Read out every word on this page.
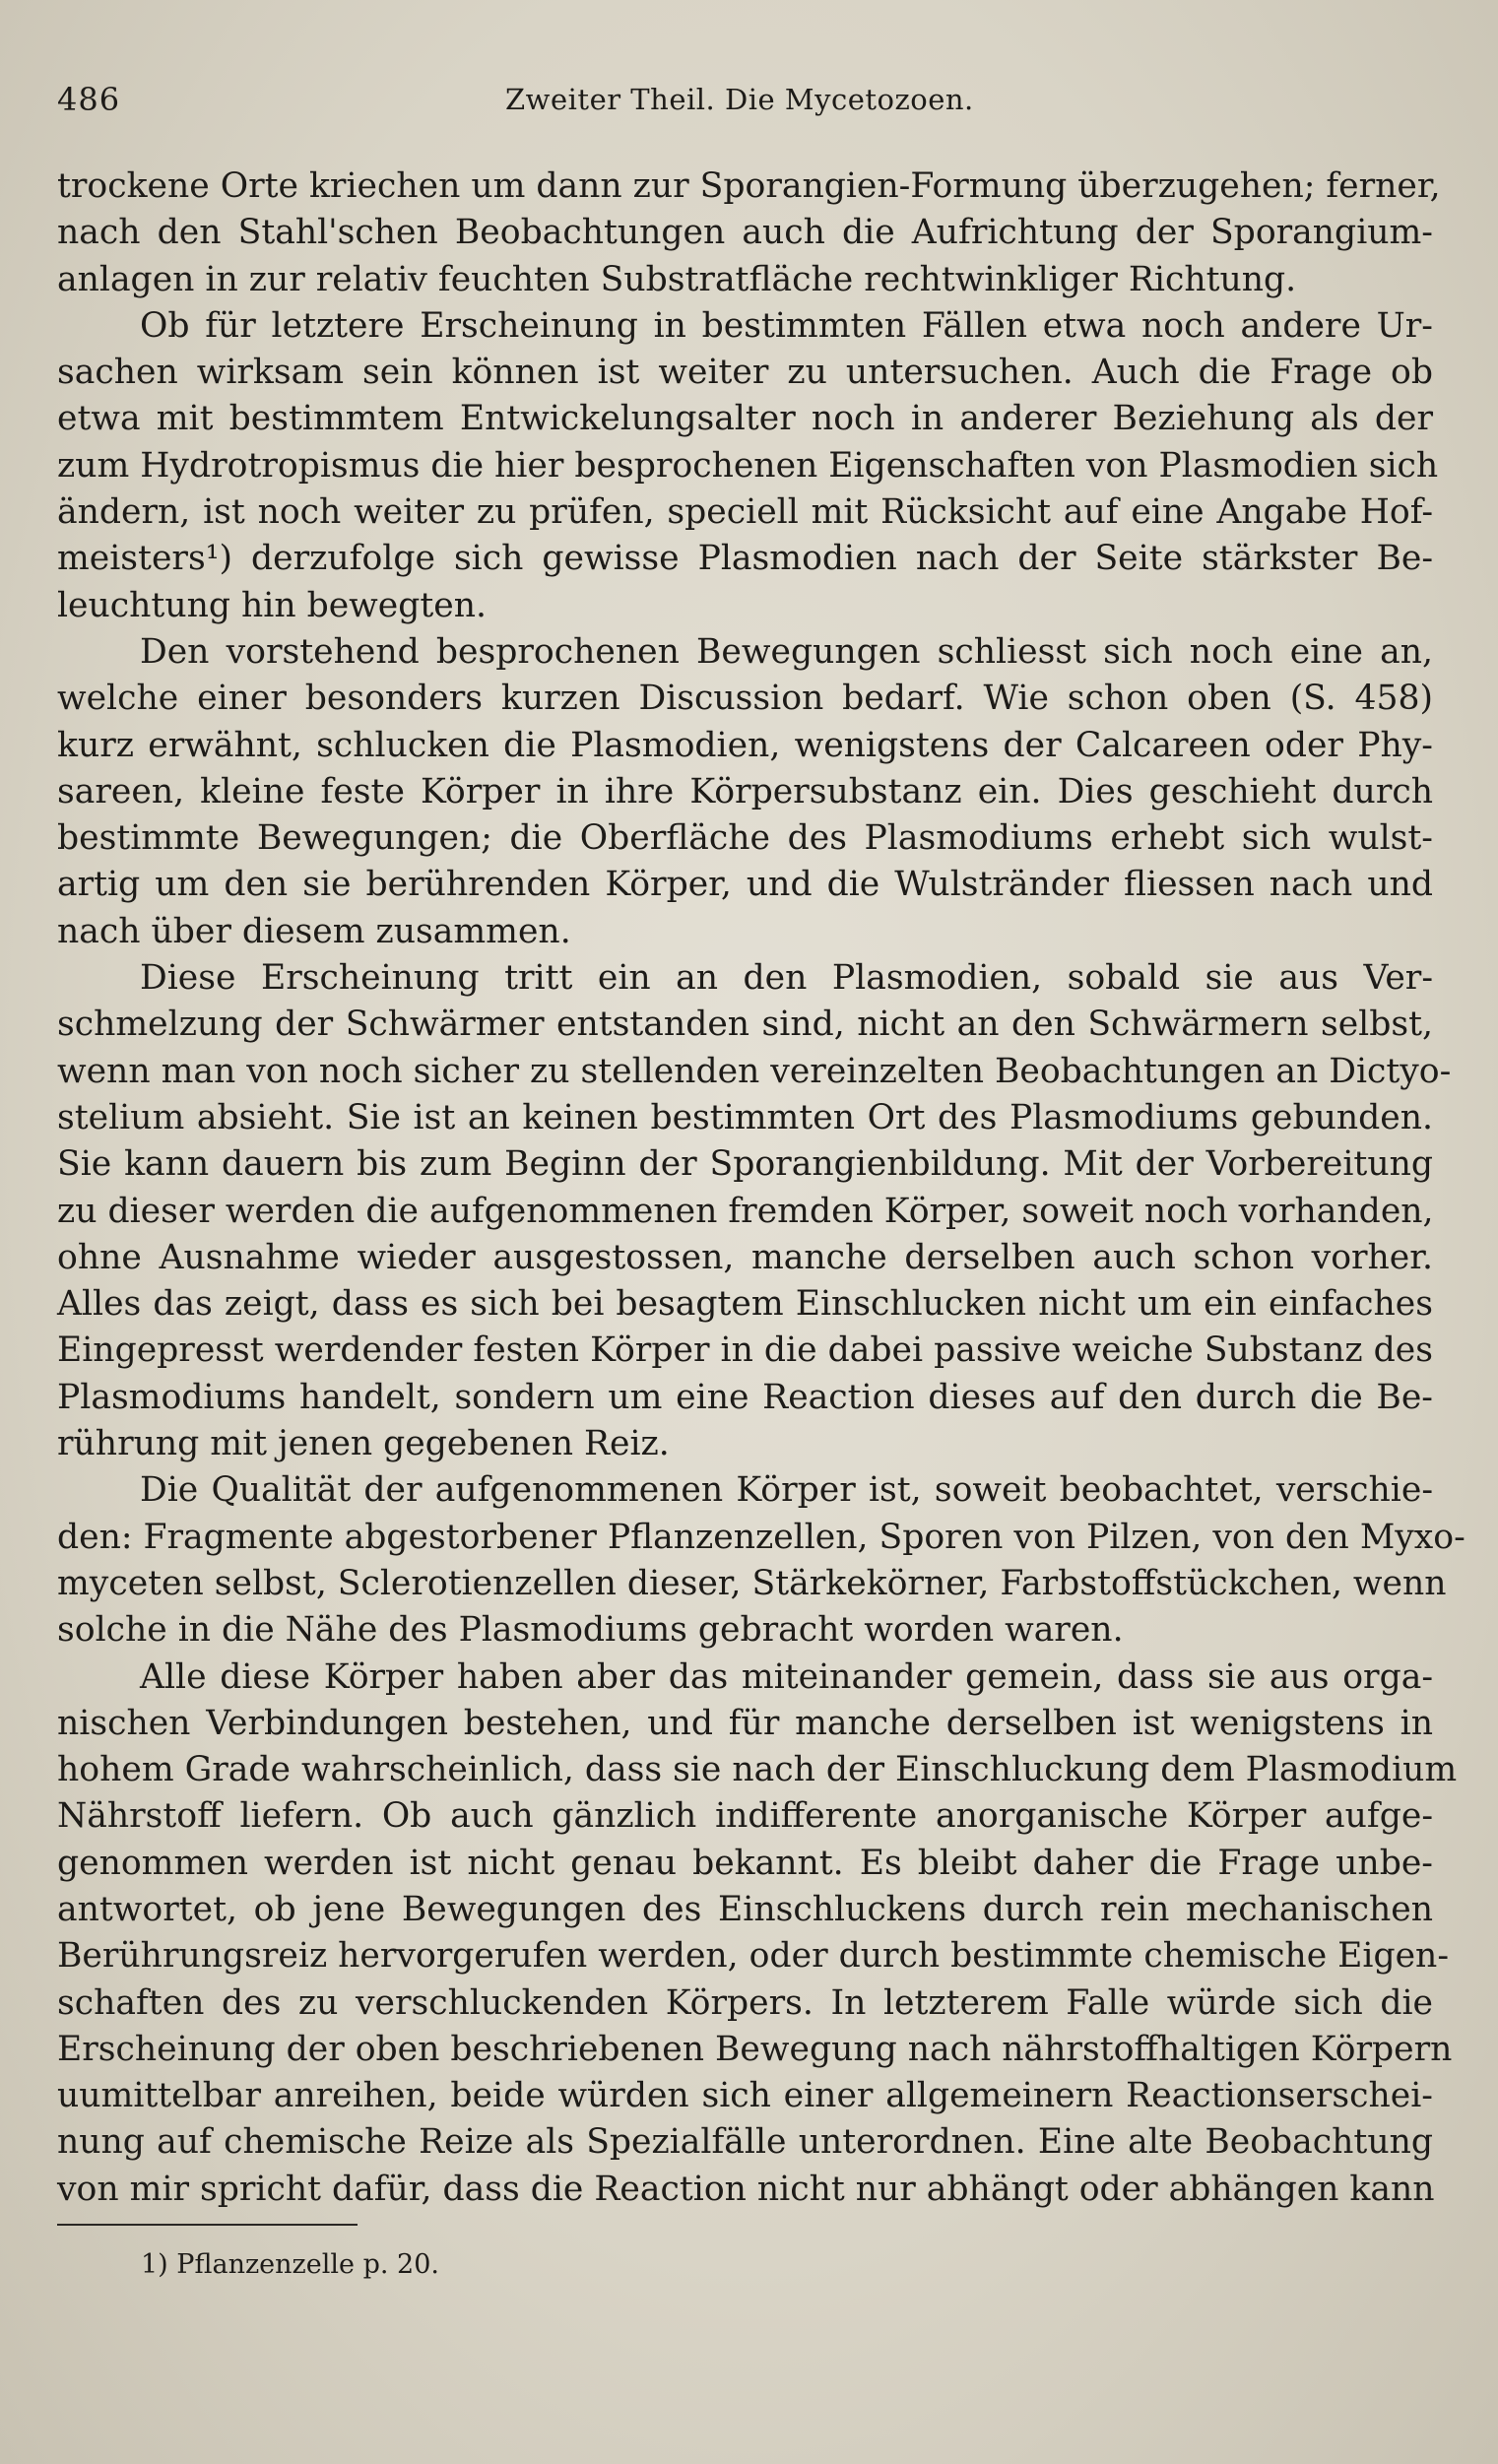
486	Zweiter Theil. Die Mycetozoen.
trockene Orte kriechen um dann zur Sporangien-Formung überzugehen; ferner,
nach den Stahl'schen Beobachtungen auch die Aufrichtung der Sporangium-
anlagen in zur relativ feuchten Substratfläche rechtwinkliger Richtung.
Ob für letztere Erscheinung in bestimmten Fällen etwa noch andere Ur-
sachen wirksam sein können ist weiter zu untersuchen. Auch die Frage ob
etwa mit bestimmtem Entwickelungsalter noch in anderer Beziehung als der
zum Hydrotropismus die hier besprochenen Eigenschaften von Plasmodien sich
ändern, ist noch weiter zu prüfen, speciell mit Rücksicht auf eine Angabe Hof-
meisters¹) derzufolge sich gewisse Plasmodien nach der Seite stärkster Be-
leuchtung hin bewegten.
Den vorstehend besprochenen Bewegungen schliesst sich noch eine an,
welche einer besonders kurzen Discussion bedarf. Wie schon oben (S. 458)
kurz erwähnt, schlucken die Plasmodien, wenigstens der Calcareen oder Phy-
sareen, kleine feste Körper in ihre Körpersubstanz ein. Dies geschieht durch
bestimmte Bewegungen; die Oberfläche des Plasmodiums erhebt sich wulst-
artig um den sie berührenden Körper, und die Wulstränder fliessen nach und
nach über diesem zusammen.
Diese Erscheinung tritt ein an den Plasmodien, sobald sie aus Ver-
schmelzung der Schwärmer entstanden sind, nicht an den Schwärmern selbst,
wenn man von noch sicher zu stellenden vereinzelten Beobachtungen an Dictyo-
stelium absieht. Sie ist an keinen bestimmten Ort des Plasmodiums gebunden.
Sie kann dauern bis zum Beginn der Sporangienbildung. Mit der Vorbereitung
zu dieser werden die aufgenommenen fremden Körper, soweit noch vorhanden,
ohne Ausnahme wieder ausgestossen, manche derselben auch schon vorher.
Alles das zeigt, dass es sich bei besagtem Einschlucken nicht um ein einfaches
Eingepresst werdender festen Körper in die dabei passive weiche Substanz des
Plasmodiums handelt, sondern um eine Reaction dieses auf den durch die Be-
rührung mit jenen gegebenen Reiz.
Die Qualität der aufgenommenen Körper ist, soweit beobachtet, verschie-
den: Fragmente abgestorbener Pflanzenzellen, Sporen von Pilzen, von den Myxo-
myceten selbst, Sclerotienzellen dieser, Stärkekörner, Farbstoffstückchen, wenn
solche in die Nähe des Plasmodiums gebracht worden waren.
Alle diese Körper haben aber das miteinander gemein, dass sie aus orga-
nischen Verbindungen bestehen, und für manche derselben ist wenigstens in
hohem Grade wahrscheinlich, dass sie nach der Einschluckung dem Plasmodium
Nährstoff liefern. Ob auch gänzlich indifferente anorganische Körper aufge-
genommen werden ist nicht genau bekannt. Es bleibt daher die Frage unbe-
antwortet, ob jene Bewegungen des Einschluckens durch rein mechanischen
Berührungsreiz hervorgerufen werden, oder durch bestimmte chemische Eigen-
schaften des zu verschluckenden Körpers. In letzterem Falle würde sich die
Erscheinung der oben beschriebenen Bewegung nach nährstoffhaltigen Körpern
uumittelbar anreihen, beide würden sich einer allgemeinern Reactionserschei-
nung auf chemische Reize als Spezialfälle unterordnen. Eine alte Beobachtung
von mir spricht dafür, dass die Reaction nicht nur abhängt oder abhängen kann
1) Pflanzenzelle p. 20.
